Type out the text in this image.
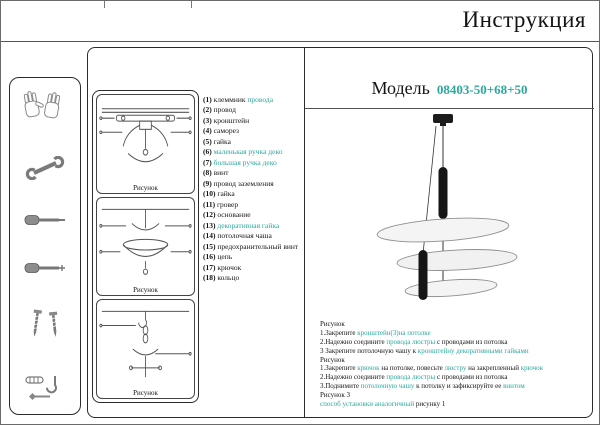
Инструкция
Рисунок
Рисунок
Рисунок
(1) клеммник провода
(2) провод
(3) кронштейн
(4) саморез
(5) гайка
(6) маленькая ручка деко
(7) большая ручка деко
(8) винт
(9) провод заземления
(10) гайка
(11) гровер
(12) основание
(13) декоративная гайка
(14) потолочная чаша
(15) предохранительный винт
(16) цепь
(17) крючок
(18) кольцо
Модель 08403-50+68+50
Рисунок
1.Закрепите кронштейн(3)на потолке
2.Надежно соедините провода люстры с проводами из потолка
3 Закрепите потолочную чашу к кронштейну декоративными гайками
Рисунок
1.Закрепите крючок на потолке, повесьте люстру на закрепленный крючок
2.Надежно соедините провода люстры с проводами из потолка
3.Поднимите потолочную чашу к потолку и зафиксируйте ее винтом
Рисунок 3
способ установки аналогичный рисунку 1
